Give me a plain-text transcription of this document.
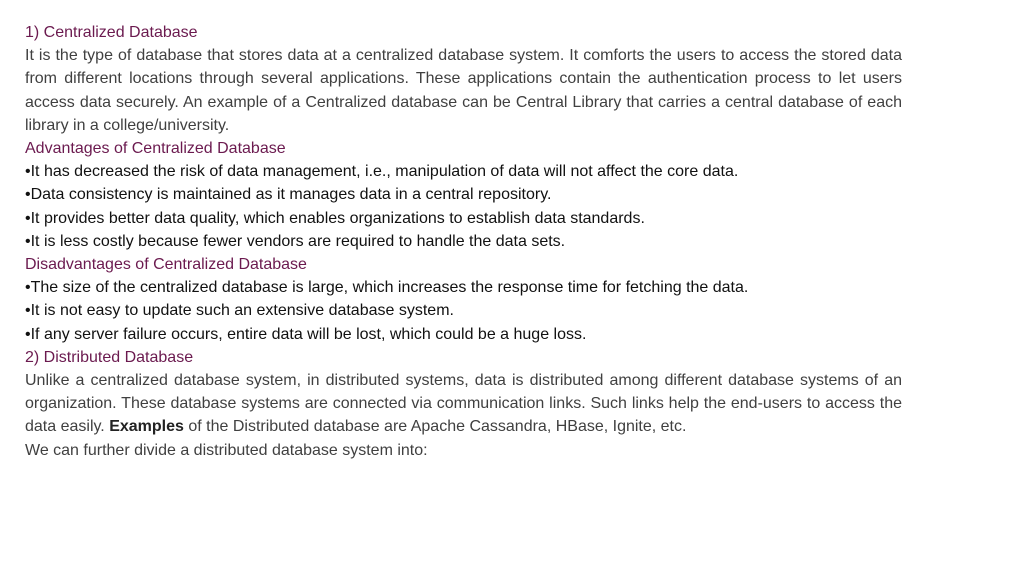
1) Centralized Database
It is the type of database that stores data at a centralized database system. It comforts the users to access the stored data from different locations through several applications. These applications contain the authentication process to let users access data securely. An example of a Centralized database can be Central Library that carries a central database of each library in a college/university.
Advantages of Centralized Database
•It has decreased the risk of data management, i.e., manipulation of data will not affect the core data.
•Data consistency is maintained as it manages data in a central repository.
•It provides better data quality, which enables organizations to establish data standards.
•It is less costly because fewer vendors are required to handle the data sets.
Disadvantages of Centralized Database
•The size of the centralized database is large, which increases the response time for fetching the data.
•It is not easy to update such an extensive database system.
•If any server failure occurs, entire data will be lost, which could be a huge loss.
2) Distributed Database
Unlike a centralized database system, in distributed systems, data is distributed among different database systems of an organization. These database systems are connected via communication links. Such links help the end-users to access the data easily. Examples of the Distributed database are Apache Cassandra, HBase, Ignite, etc.
We can further divide a distributed database system into:
